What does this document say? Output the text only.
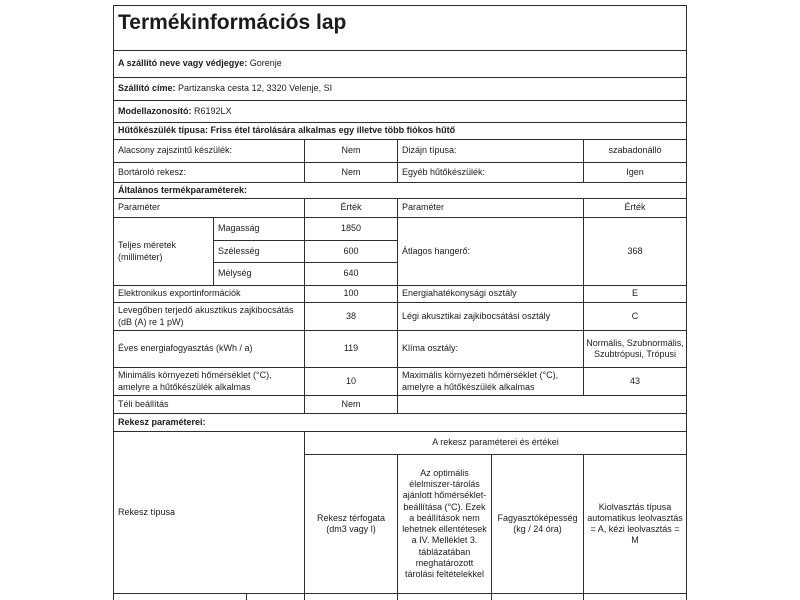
Termékinformációs lap						
A szállító neve vagy védjegye: Gorenje						
Szállító címe: Partizanska cesta 12, 3320 Velenje, SI						
Modellazonosító: R6192LX						
Hűtőkészülék típusa: Friss étel tárolására alkalmas egy illetve több fiókos hűtő						
Alacsony zajszintű készülék:			Nem	Dizájn típusa:		szabadonálló
Bortároló rekesz:			Nem	Egyéb hűtőkészülék:		Igen
Általános termékparaméterek:						
Paraméter			Érték	Paraméter		Érték
Teljes méretek (milliméter)	Magasság		1850	Átlagos hangerő:		368
	Szélesség		600			
	Mélység		640			
Elektronikus exportinformációk			100	Energiahatékonysági osztály		E
Levegőben terjedő akusztikus zajkibocsátás (dB (A) re 1 pW)			38	Légi akusztikai zajkibocsátási osztály		C
Éves energiafogyasztás (kWh / a)			119	Klíma osztály:		Normális, Szubnormális, Szubtrópusi, Trópusi
Minimális környezeti hőmérséklet (°C), amelyre a hűtőkészülék alkalmas			10	Maximális környezeti hőmérséklet (°C), amelyre a hűtőkészülék alkalmas		43
Téli beállítás			Nem			
Rekesz paraméterei:						
Rekesz típusa			A rekesz paraméterei és értékei			
			Rekesz térfogata (dm3 vagy l)	Az optimális élelmiszer-tárolás ajánlott hőmérséklet-beállítása (°C). Ezek a beállítások nem lehetnek ellentétesek a IV. Melléklet 3. táblázatában meghatározott tárolási feltételekkel	Fagyasztóképesség (kg / 24 óra)	Kiolvasztás típusa automatikus leolvasztás = A, kézi leolvasztás = M
